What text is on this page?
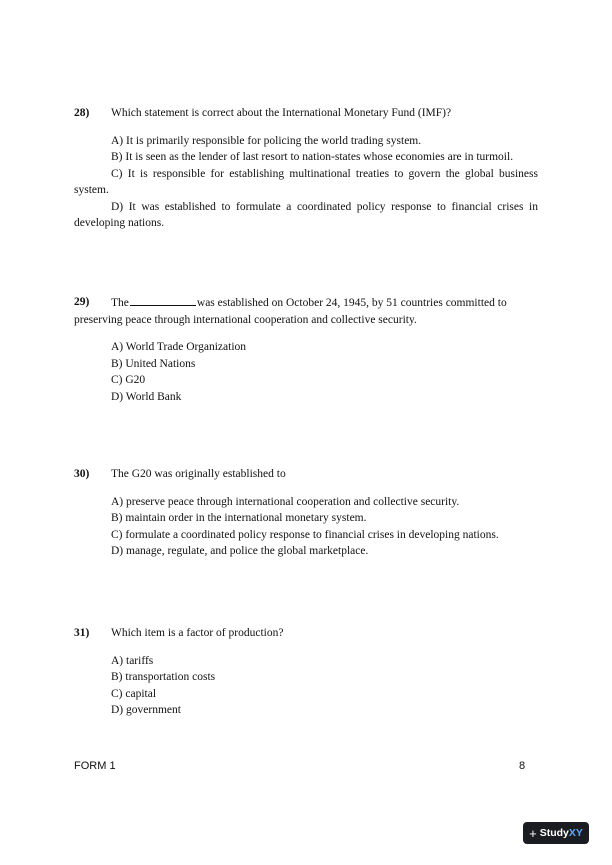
28) Which statement is correct about the International Monetary Fund (IMF)?
A) It is primarily responsible for policing the world trading system.
B) It is seen as the lender of last resort to nation-states whose economies are in turmoil.
C) It is responsible for establishing multinational treaties to govern the global business system.
D) It was established to formulate a coordinated policy response to financial crises in developing nations.
29)	The	was established on October 24, 1945, by 51 countries committed to preserving peace through international cooperation and collective security.
A) World Trade Organization
B) United Nations
C) G20
D) World Bank
30) The G20 was originally established to
A) preserve peace through international cooperation and collective security.
B) maintain order in the international monetary system.
C) formulate a coordinated policy response to financial crises in developing nations.
D) manage, regulate, and police the global marketplace.
31) Which item is a factor of production?
A) tariffs
B) transportation costs
C) capital
D) government
FORM 1	8
+ StudyXY
